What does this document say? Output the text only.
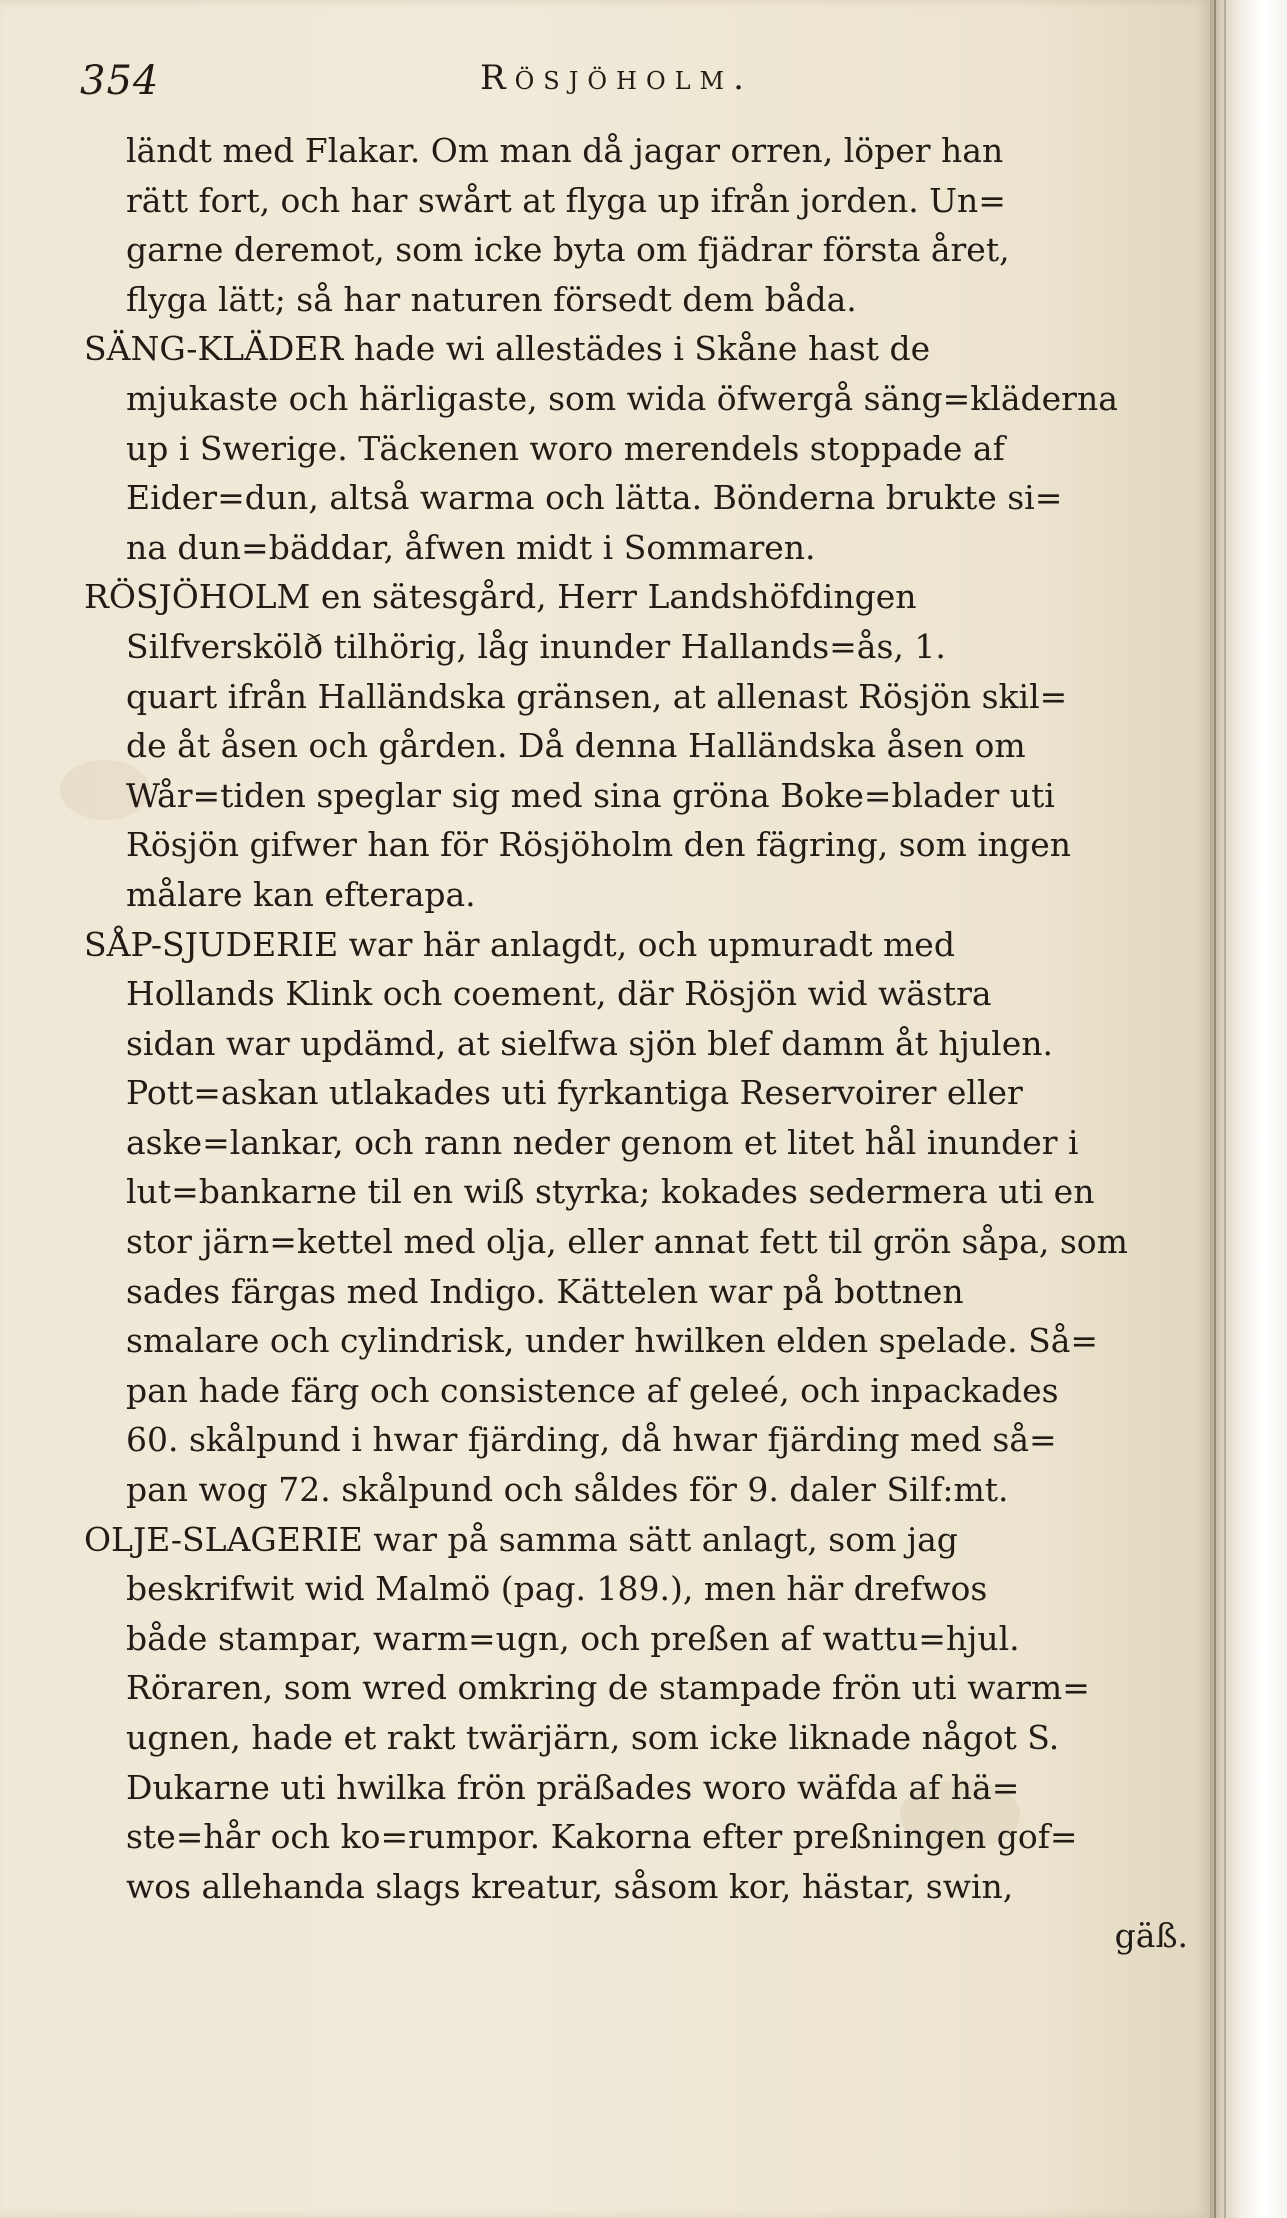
354	Rösjöholm.
ländt med Flakar. Om man då jagar orren, löper han
rätt fort, och har swårt at flyga up ifrån jorden. Un=
garne deremot, som icke byta om fjädrar första året,
flyga lätt; så har naturen försedt dem båda.
SÄNG-KLÄDER hade wi allestädes i Skåne hast de
mjukaste och härligaste, som wida öfwergå säng=kläderna
up i Swerige. Täckenen woro merendels stoppade af
Eider=dun, altså warma och lätta. Bönderna brukte si=
na dun=bäddar, åfwen midt i Sommaren.
RÖSJÖHOLM en sätesgård, Herr Landshöfdingen
Silfverskölð tilhörig, låg inunder Hallands=ås, 1.
quart ifrån Halländska gränsen, at allenast Rösjön skil=
de åt åsen och gården. Då denna Halländska åsen om
Wår=tiden speglar sig med sina gröna Boke=blader uti
Rösjön gifwer han för Rösjöholm den fägring, som ingen
målare kan efterapa.
SÅP-SJUDERIE war här anlagdt, och upmuradt med
Hollands Klink och coement, där Rösjön wid wästra
sidan war updämd, at sielfwa sjön blef damm åt hjulen.
Pott=askan utlakades uti fyrkantiga Reservoirer eller
aske=lankar, och rann neder genom et litet hål inunder i
lut=bankarne til en wiß styrka; kokades sedermera uti en
stor järn=kettel med olja, eller annat fett til grön såpa, som
sades färgas med Indigo. Kättelen war på bottnen
smalare och cylindrisk, under hwilken elden spelade. Så=
pan hade färg och consistence af geleé, och inpackades
60. skålpund i hwar fjärding, då hwar fjärding med så=
pan wog 72. skålpund och såldes för 9. daler Silf:mt.
OLJE-SLAGERIE war på samma sätt anlagt, som jag
beskrifwit wid Malmö (pag. 189.), men här drefwos
både stampar, warm=ugn, och preßen af wattu=hjul.
Röraren, som wred omkring de stampade frön uti warm=
ugnen, hade et rakt twärjärn, som icke liknade något S.
Dukarne uti hwilka frön präßades woro wäfda af hä=
ste=hår och ko=rumpor. Kakorna efter preßningen gof=
wos allehanda slags kreatur, såsom kor, hästar, swin,
gäß.
